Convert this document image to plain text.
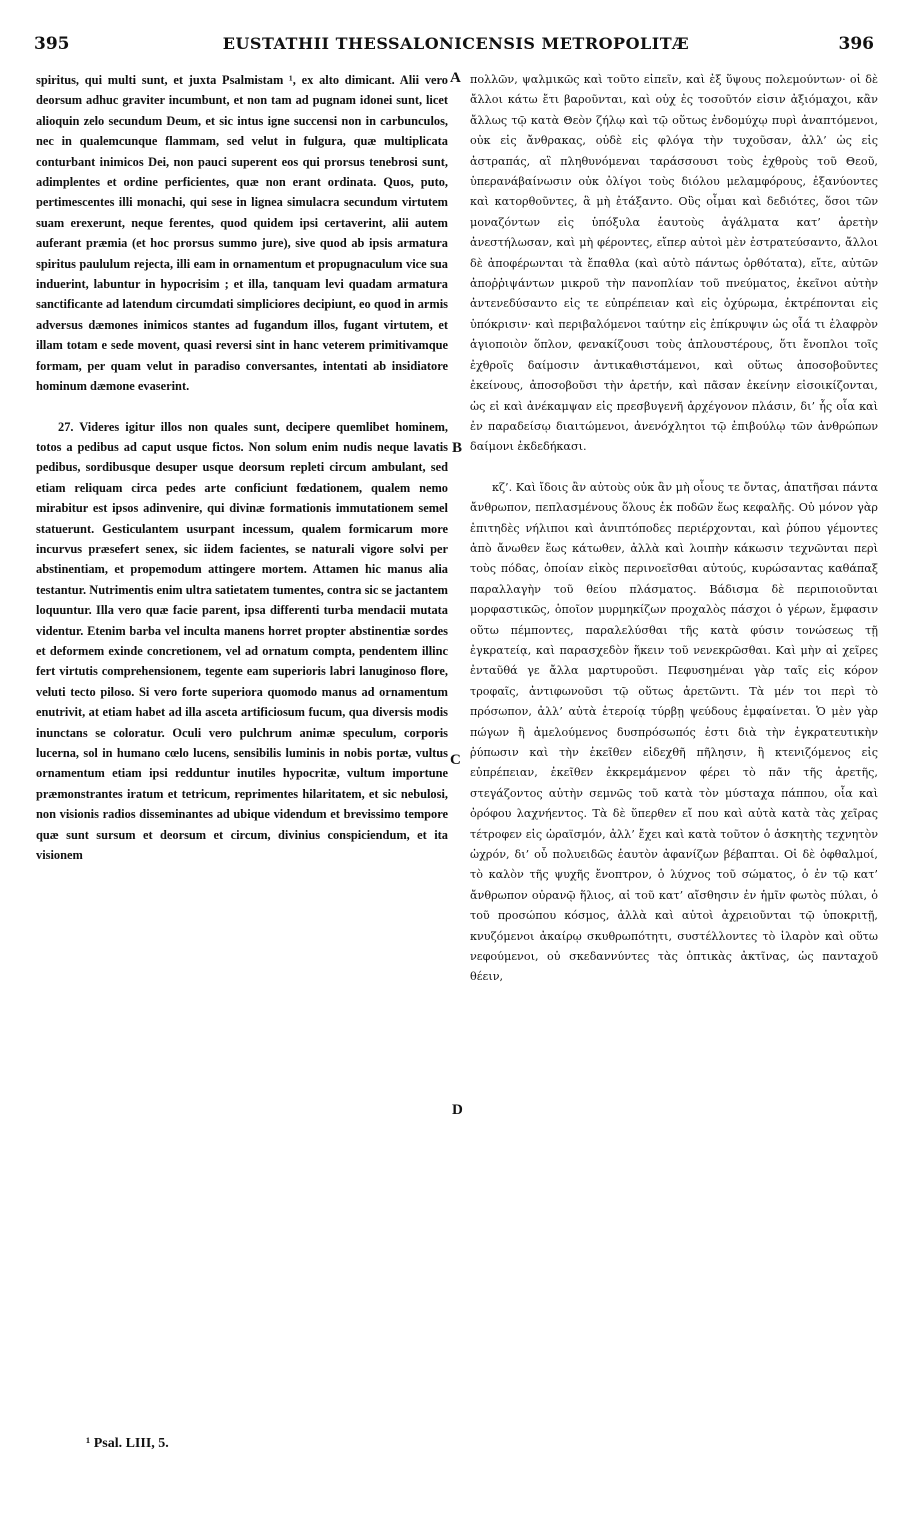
395	EUSTATHII THESSALONICENSIS METROPOLITÆ	396

spiritus, qui multi sunt, et juxta Psalmistam ¹, ex alto dimicant. Alii vero deorsum adhuc graviter incumbunt, et non tam ad pugnam idonei sunt, licet alioquin zelo secundum Deum, et sic intus igne succensi non in carbunculos, nec in qualemcunque flammam, sed velut in fulgura, quæ multiplicata conturbant inimicos Dei, non pauci superent eos qui prorsus tenebrosi sunt, adimplentes et ordine perficientes, quæ non erant ordinata. Quos, puto, pertimescentes illi monachi, qui sese in lignea simulacra secundum virtutem suam erexerunt, neque ferentes, quod quidem ipsi certaverint, alii autem auferant præmia (et hoc prorsus summo jure), sive quod ab ipsis armatura spiritus paululum rejecta, illi eam in ornamentum et propugnaculum vice sua induerint, labuntur in hypocrisim ; et illa, tanquam levi quadam armatura sanctificante ad latendum circumdati simpliciores decipiunt, eo quod in armis adversus dæmones inimicos stantes ad fugandum illos, fugant virtutem, et illam totam e sede movent, quasi reversi sint in hanc veterem primitivamque formam, per quam velut in paradiso conversantes, intentati ab insidiatore hominum dæmone evaserint.

27. Videres igitur illos non quales sunt, decipere quemlibet hominem, totos a pedibus ad caput usque fictos. Non solum enim nudis neque lavatis pedibus, sordibusque desuper usque deorsum repleti circum ambulant, sed etiam reliquam circa pedes arte conficiunt fœdationem, qualem nemo mirabitur est ipsos adinvenire, qui divinæ formationis immutationem semel statuerunt. Gesticulantem usurpant incessum, qualem formicarum more incurvus præsefert senex, sic iidem facientes, se naturali vigore solvi per abstinentiam, et propemodum attingere mortem. Attamen hic manus alia testantur. Nutrimentis enim ultra satietatem tumentes, contra sic se jactantem loquuntur. Illa vero quæ facie parent, ipsa differenti turba mendacii mutata videntur. Etenim barba vel inculta manens horret propter abstinentiæ sordes et deformem exinde concretionem, vel ad ornatum compta, pendentem illinc fert virtutis comprehensionem, tegente eam superioris labri lanuginoso flore, veluti tecto piloso. Si vero forte superiora quomodo manus ad ornamentum enutrivit, at etiam habet ad illa asceta artificiosum fucum, qua diversis modis inunctans se coloratur. Oculi vero pulchrum animæ speculum, corporis lucerna, sol in humano cœlo lucens, sensibilis luminis in nobis portæ, vultus ornamentum etiam ipsi redduntur inutiles hypocritæ, vultum importune præmonstrantes iratum et tetricum, reprimentes hilaritatem, et sic nebulosi, non visionis radios disseminantes ad ubique videndum et brevissimo tempore quæ sunt sursum et deorsum et circum, divinius conspiciendum, et ita visionem

πολλῶν, ψαλμικῶς καὶ τοῦτο εἰπεῖν, καὶ ἐξ ὕψους πολεμούντων· οἱ δὲ ἄλλοι κάτω ἔτι βαροῦνται, καὶ οὐχ ἐς τοσοῦτόν εἰσιν ἀξιόμαχοι, κἂν ἄλλως τῷ κατὰ Θεὸν ζήλῳ καὶ τῷ οὕτως ἐνδομύχῳ πυρὶ ἀναπτόμενοι, οὐκ εἰς ἄνθρακας, οὐδὲ εἰς φλόγα τὴν τυχοῦσαν, ἀλλ’ ὡς εἰς ἀστραπάς, αἳ πληθυνόμεναι ταράσσουσι τοὺς ἐχθροὺς τοῦ Θεοῦ, ὑπερανάβαίνωσιν οὐκ ὀλίγοι τοὺς διόλου μελαμφόρους, ἐξανύοντες καὶ κατορθοῦντες, ἃ μὴ ἐτάξαντο. Οὓς οἶμαι καὶ δεδιότες, ὅσοι τῶν μοναζόντων εἰς ὑπόξυλα ἑαυτοὺς ἀγάλματα κατ’ ἀρετὴν ἀνεστήλωσαν, καὶ μὴ φέροντες, εἴπερ αὐτοὶ μὲν ἐστρατεύσαντο, ἄλλοι δὲ ἀποφέρωνται τὰ ἔπαθλα (καὶ αὐτὸ πάντως ὀρθότατα), εἴτε, αὐτῶν ἀποῤῥιψάντων μικροῦ τὴν πανοπλίαν τοῦ πνεύματος, ἐκεῖνοι αὐτὴν ἀντενεδύσαντο εἰς τε εὐπρέπειαν καὶ εἰς ὀχύρωμα, ἐκτρέπονται εἰς ὑπόκρισιν· καὶ περιβαλόμενοι ταύτην εἰς ἐπίκρυψιν ὡς οἷά τι ἐλαφρὸν ἁγιοποιὸν ὅπλον, φενακίζουσι τοὺς ἁπλουστέρους, ὅτι ἔνοπλοι τοῖς ἐχθροῖς δαίμοσιν ἀντικαθιστάμενοι, καὶ οὕτως ἀποσοβοῦντες ἐκείνους, ἀποσοβοῦσι τὴν ἀρετήν, καὶ πᾶσαν ἐκείνην εἰσοικίζονται, ὡς εἰ καὶ ἀνέκαμψαν εἰς πρεσβυγενῆ ἀρχέγονον πλάσιν, δι’ ἧς οἷα καὶ ἐν παραδείσῳ διαιτώμενοι, ἀνενόχλητοι τῷ ἐπιβούλῳ τῶν ἀνθρώπων δαίμονι ἐκδεδήκασι.

κζ’. Καὶ ἴδοις ἂν αὐτοὺς οὐκ ἂν μὴ οἷους τε ὄντας, ἀπατῆσαι πάντα ἄνθρωπον, πεπλασμένους ὅλους ἐκ ποδῶν ἕως κεφαλῆς. Οὐ μόνον γὰρ ἐπιτηδὲς νήλιποι καὶ ἀνιπτόποδες περιέρχονται, καὶ ῥύπου γέμοντες ἀπὸ ἄνωθεν ἕως κάτωθεν, ἀλλὰ καὶ λοιπὴν κάκωσιν τεχνῶνται περὶ τοὺς πόδας, ὁποίαν εἰκὸς περινοεῖσθαι αὐτούς, κυρώσαντας καθάπαξ παραλλαγὴν τοῦ θείου πλάσματος. Βάδισμα δὲ περιποιοῦνται μορφαστικῶς, ὁποῖον μυρμηκίζων προχαλὸς πάσχοι ὁ γέρων, ἔμφασιν οὕτω πέμποντες, παραλελύσθαι τῆς κατὰ φύσιν τονώσεως τῇ ἐγκρατείᾳ, καὶ παρασχεδὸν ἥκειν τοῦ νενεκρῶσθαι. Καὶ μὴν αἱ χεῖρες ἐνταῦθά γε ἄλλα μαρτυροῦσι. Πεφυσημέναι γὰρ ταῖς εἰς κόρον τροφαῖς, ἀντιφωνοῦσι τῷ οὕτως ἀρετῶντι. Τὰ μέν τοι περὶ τὸ πρόσωπον, ἀλλ’ αὐτὰ ἑτεροίᾳ τύρβῃ ψεύδους ἐμφαίνεται. Ὁ μὲν γὰρ πώγων ἢ ἀμελούμενος δυσπρόσωπός ἐστι διὰ τὴν ἐγκρατευτικὴν ῥύπωσιν καὶ τὴν ἐκεῖθεν εἰδεχθῆ πῆλησιν, ἢ κτενιζόμενος εἰς εὐπρέπειαν, ἐκεῖθεν ἐκκρεμάμενον φέρει τὸ πᾶν τῆς ἀρετῆς, στεγάζοντος αὐτὴν σεμνῶς τοῦ κατὰ τὸν μύσταχα πάππου, οἷα καὶ ὀρόφου λαχνήεντος. Τὰ δὲ ὕπερθεν εἴ που καὶ αὐτὰ κατὰ τὰς χεῖρας τέτροφεν εἰς ὡραϊσμόν, ἀλλ’ ἔχει καὶ κατὰ τοῦτον ὁ ἀσκητὴς τεχνητὸν ὠχρόν, δι’ οὗ πολυειδῶς ἑαυτὸν ἀφανίζων βέβαπται. Οἱ δὲ ὀφθαλμοί, τὸ καλὸν τῆς ψυχῆς ἔνοπτρον, ὁ λύχνος τοῦ σώματος, ὁ ἐν τῷ κατ’ ἄνθρωπον οὐρανῷ ἥλιος, αἱ τοῦ κατ’ αἴσθησιν ἐν ἡμῖν φωτὸς πύλαι, ὁ τοῦ προσώπου κόσμος, ἀλλὰ καὶ αὐτοὶ ἀχρειοῦνται τῷ ὑποκριτῇ, κνυζόμενοι ἀκαίρῳ σκυθρωπότητι, συστέλλοντες τὸ ἱλαρὸν καὶ οὕτω νεφούμενοι, οὐ σκεδαννύντες τὰς ὀπτικὰς ἀκτῖνας, ὡς πανταχοῦ θέειν,

A
B
C
D
¹ Psal. LIII, 5.
